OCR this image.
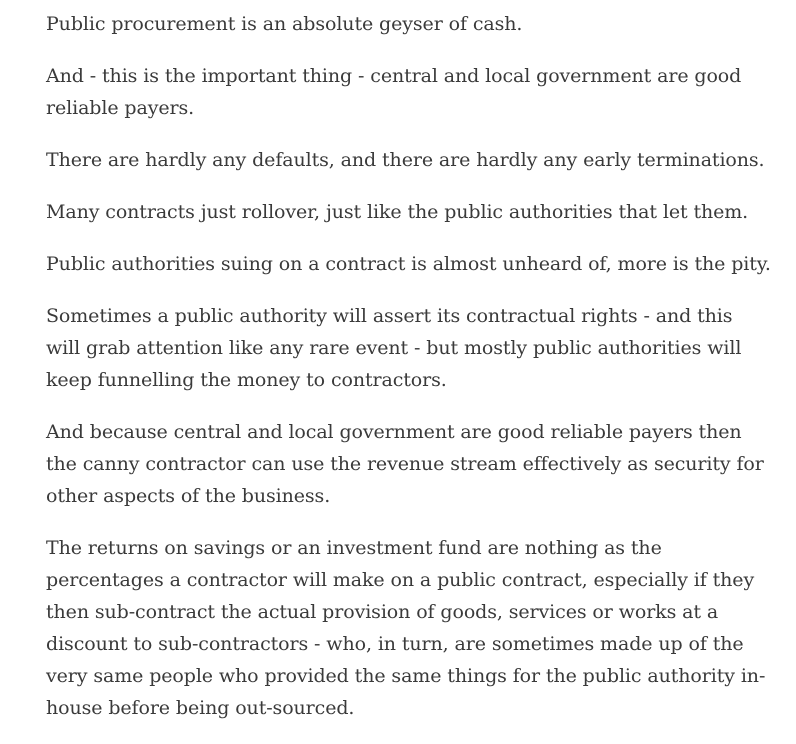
Public procurement is an absolute geyser of cash.

And - this is the important thing - central and local government are good reliable payers.

There are hardly any defaults, and there are hardly any early terminations.

Many contracts just rollover, just like the public authorities that let them.

Public authorities suing on a contract is almost unheard of, more is the pity.

Sometimes a public authority will assert its contractual rights - and this will grab attention like any rare event - but mostly public authorities will keep funnelling the money to contractors.

And because central and local government are good reliable payers then the canny contractor can use the revenue stream effectively as security for other aspects of the business.

The returns on savings or an investment fund are nothing as the percentages a contractor will make on a public contract, especially if they then sub-contract the actual provision of goods, services or works at a discount to sub-contractors - who, in turn, are sometimes made up of the very same people who provided the same things for the public authority in-house before being out-sourced.
